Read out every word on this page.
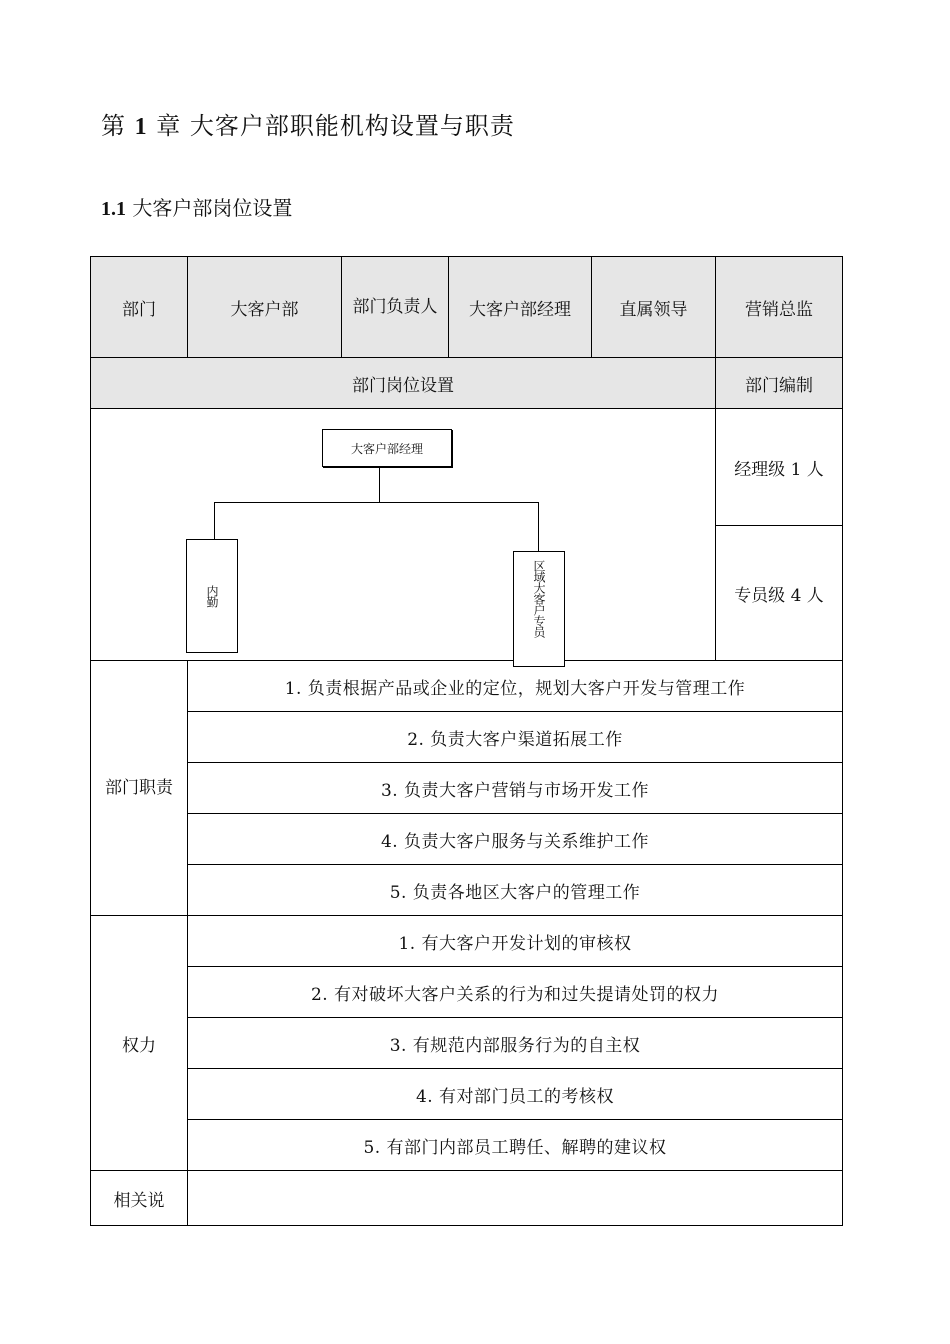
第 1 章 大客户部职能机构设置与职责
1.1 大客户部岗位设置
部门	大客户部	部门负责人	大客户部经理	直属领导	营销总监
部门岗位设置					部门编制

大客户部经理
内勤 区域大客户专员					经理级 1 人
					专员级 4 人

部门职责	1. 负责根据产品或企业的定位，规划大客户开发与管理工作				
	2. 负责大客户渠道拓展工作				
	3. 负责大客户营销与市场开发工作				
	4. 负责大客户服务与关系维护工作				
	5. 负责各地区大客户的管理工作				
权力	1. 有大客户开发计划的审核权				
	2. 有对破坏大客户关系的行为和过失提请处罚的权力				
	3. 有规范内部服务行为的自主权				
	4. 有对部门员工的考核权				
	5. 有部门内部员工聘任、解聘的建议权				
相关说					
